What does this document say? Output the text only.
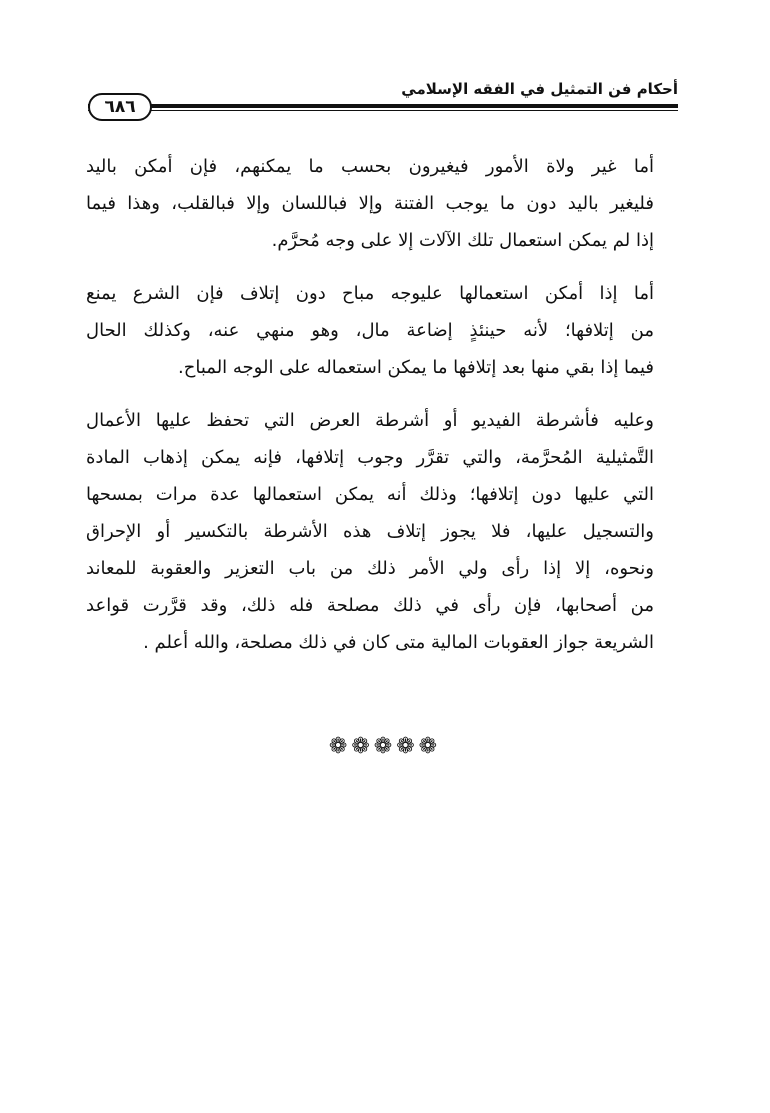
أحكام فن التمثيل في الفقه الإسلامي
٦٨٦

أما غير ولاة الأمور فيغيرون بحسب ما يمكنهم، فإن أمكن باليد
فليغير باليد دون ما يوجب الفتنة وإلا فباللسان وإلا فبالقلب، وهذا فيما
إذا لم يمكن استعمال تلك الآلات إلا على وجه مُحرَّم.

أما إذا أمكن استعمالها عليوجه مباح دون إتلاف فإن الشرع يمنع
من إتلافها؛ لأنه حينئذٍ إضاعة مال، وهو منهي عنه، وكذلك الحال
فيما إذا بقي منها بعد إتلافها ما يمكن استعماله على الوجه المباح.

وعليه فأشرطة الفيديو أو أشرطة العرض التي تحفظ عليها الأعمال
التَّمثيلية المُحرَّمة، والتي تقرَّر وجوب إتلافها، فإنه يمكن إذهاب المادة
التي عليها دون إتلافها؛ وذلك أنه يمكن استعمالها عدة مرات بمسحها
والتسجيل عليها، فلا يجوز إتلاف هذه الأشرطة بالتكسير أو الإحراق
ونحوه، إلا إذا رأى ولي الأمر ذلك من باب التعزير والعقوبة للمعاند
من أصحابها، فإن رأى في ذلك مصلحة فله ذلك، وقد قرَّرت قواعد
الشريعة جواز العقوبات المالية متى كان في ذلك مصلحة، والله أعلم .

❁❁❁❁❁
